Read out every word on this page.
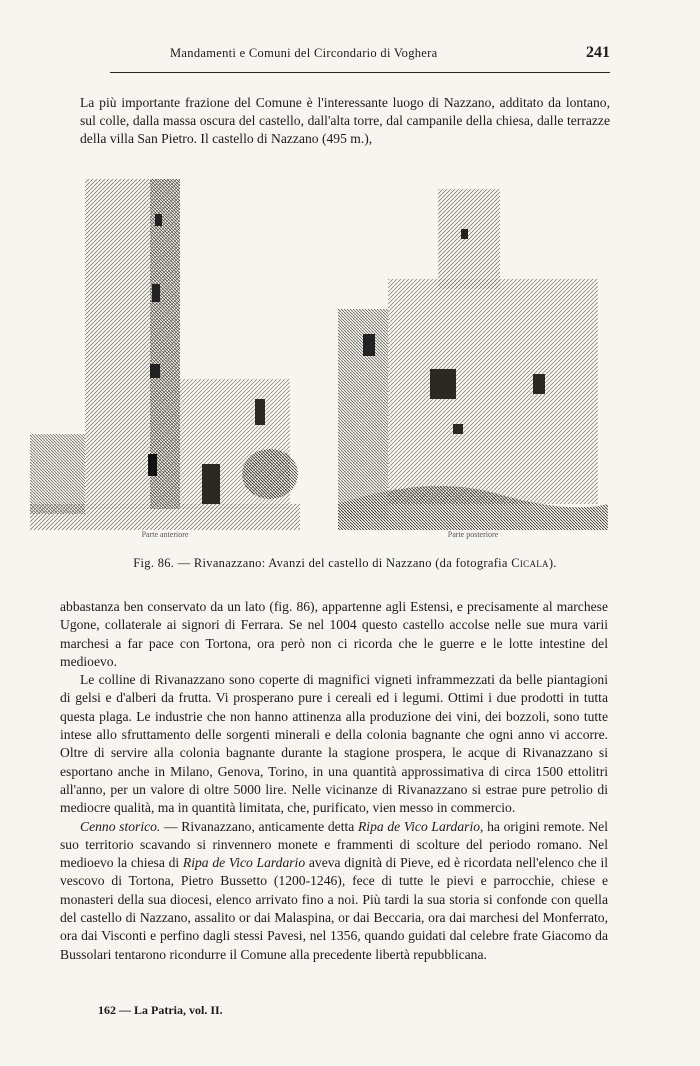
Mandamenti e Comuni del Circondario di Voghera	241
La più importante frazione del Comune è l'interessante luogo di Nazzano, additato da lontano, sul colle, dalla massa oscura del castello, dall'alta torre, dal campanile della chiesa, dalle terrazze della villa San Pietro. Il castello di Nazzano (495 m.),
Parte anteriore	Parte posteriore
Fig. 86. — Rivanazzano: Avanzi del castello di Nazzano (da fotografia Cicala).

abbastanza ben conservato da un lato (fig. 86), appartenne agli Estensi, e precisamente al marchese Ugone, collaterale ai signori di Ferrara. Se nel 1004 questo castello accolse nelle sue mura varii marchesi a far pace con Tortona, ora però non ci ricorda che le guerre e le lotte intestine del medioevo.

Le colline di Rivanazzano sono coperte di magnifici vigneti inframmezzati da belle piantagioni di gelsi e d'alberi da frutta. Vi prosperano pure i cereali ed i legumi. Ottimi i due prodotti in tutta questa plaga. Le industrie che non hanno attinenza alla produzione dei vini, dei bozzoli, sono tutte intese allo sfruttamento delle sorgenti minerali e della colonia bagnante che ogni anno vi accorre. Oltre di servire alla colonia bagnante durante la stagione prospera, le acque di Rivanazzano si esportano anche in Milano, Genova, Torino, in una quantità approssimativa di circa 1500 ettolitri all'anno, per un valore di oltre 5000 lire. Nelle vicinanze di Rivanazzano si estrae pure petrolio di mediocre qualità, ma in quantità limitata, che, purificato, vien messo in commercio.

Cenno storico. — Rivanazzano, anticamente detta Ripa de Vico Lardario, ha origini remote. Nel suo territorio scavando si rinvennero monete e frammenti di scolture del periodo romano. Nel medioevo la chiesa di Ripa de Vico Lardario aveva dignità di Pieve, ed è ricordata nell'elenco che il vescovo di Tortona, Pietro Bussetto (1200-1246), fece di tutte le pievi e parrocchie, chiese e monasteri della sua diocesi, elenco arrivato fino a noi. Più tardi la sua storia si confonde con quella del castello di Nazzano, assalito or dai Malaspina, or dai Beccaria, ora dai marchesi del Monferrato, ora dai Visconti e perfino dagli stessi Pavesi, nel 1356, quando guidati dal celebre frate Giacomo da Bussolari tentarono ricondurre il Comune alla precedente libertà repubblicana.

162 — La Patria, vol. II.
